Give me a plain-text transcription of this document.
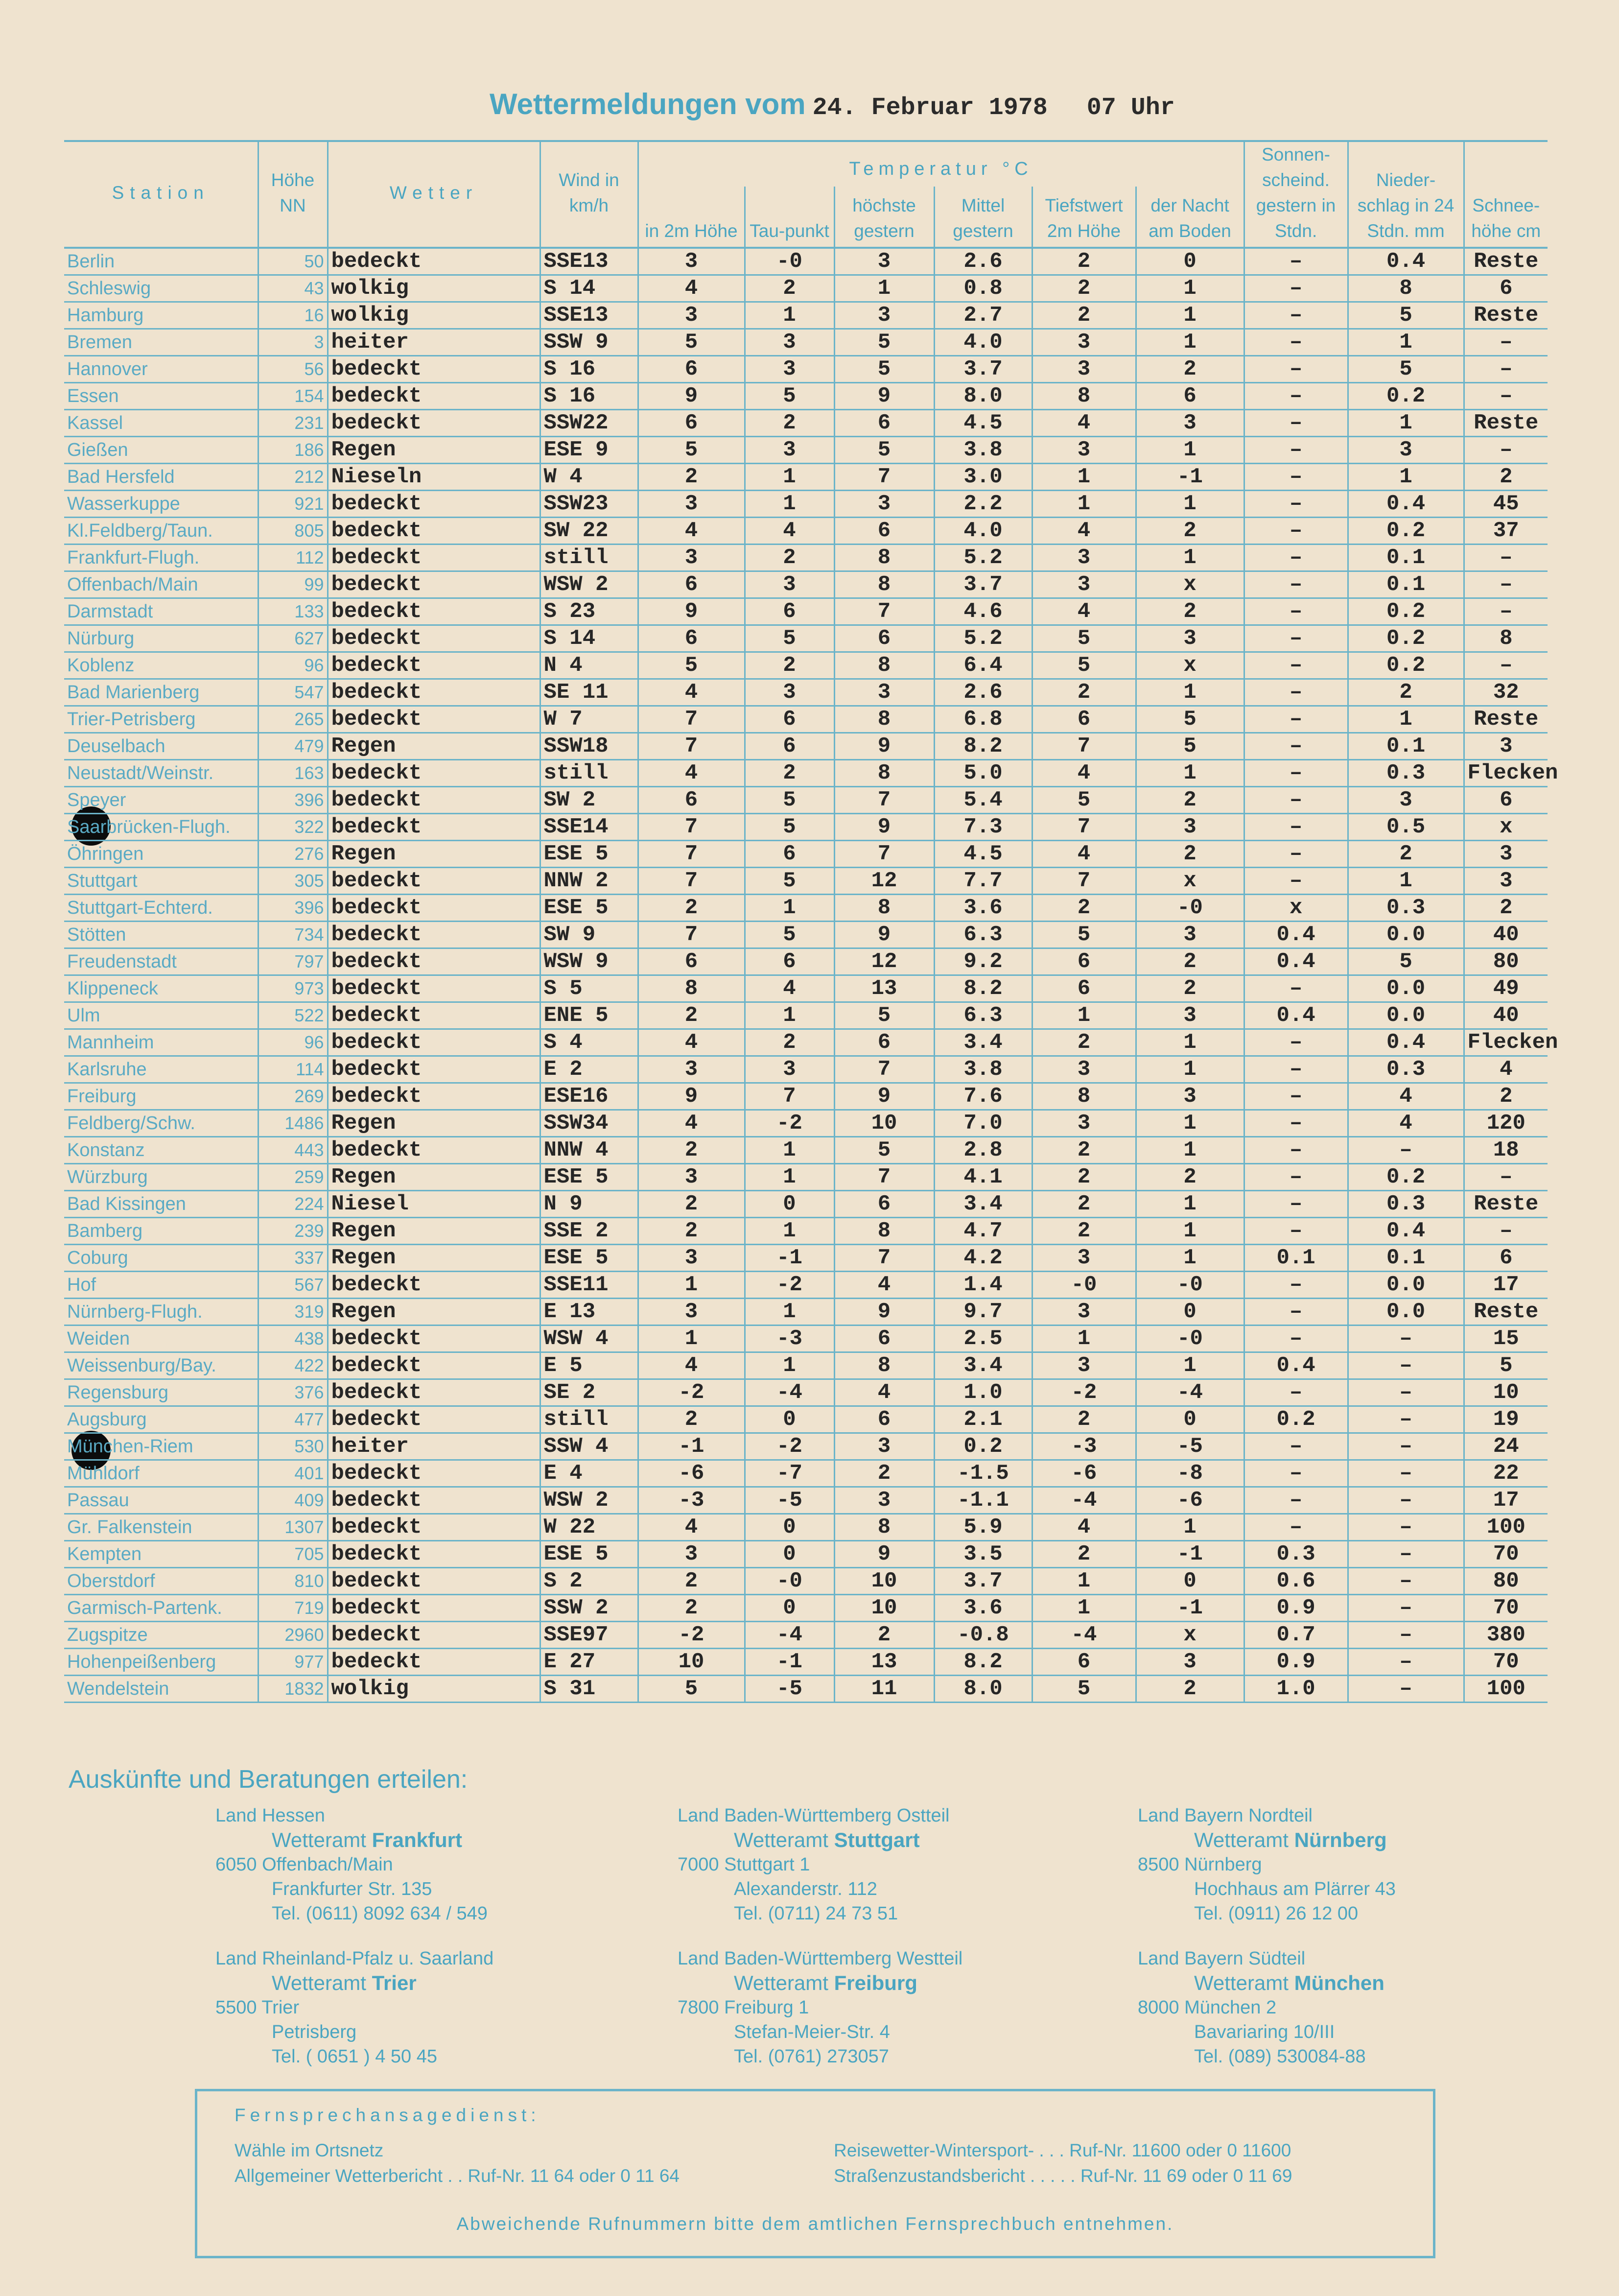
Wettermeldungen vom 24. Februar 1978 07 Uhr
Station	Höhe NN	Wetter	Wind in km/h	Temperatur °C						Sonnen-scheind. gestern in Stdn.	Nieder-schlag in 24 Stdn. mm	Schnee-höhe cm
				in 2m Höhe	Tau-punkt	höchste gestern	Mittel gestern	Tiefstwert 2m Höhe	der Nacht am Boden			
Berlin	50	bedeckt	SSE13	3	-0	3	2.6	2	0	–	0.4	Reste
Schleswig	43	wolkig	S 14	4	2	1	0.8	2	1	–	8	6
Hamburg	16	wolkig	SSE13	3	1	3	2.7	2	1	–	5	Reste
Bremen	3	heiter	SSW 9	5	3	5	4.0	3	1	–	1	–
Hannover	56	bedeckt	S 16	6	3	5	3.7	3	2	–	5	–
Essen	154	bedeckt	S 16	9	5	9	8.0	8	6	–	0.2	–
Kassel	231	bedeckt	SSW22	6	2	6	4.5	4	3	–	1	Reste
Gießen	186	Regen	ESE 9	5	3	5	3.8	3	1	–	3	–
Bad Hersfeld	212	Nieseln	W 4	2	1	7	3.0	1	-1	–	1	2
Wasserkuppe	921	bedeckt	SSW23	3	1	3	2.2	1	1	–	0.4	45
Kl.Feldberg/Taun.	805	bedeckt	SW 22	4	4	6	4.0	4	2	–	0.2	37
Frankfurt-Flugh.	112	bedeckt	still	3	2	8	5.2	3	1	–	0.1	–
Offenbach/Main	99	bedeckt	WSW 2	6	3	8	3.7	3	x	–	0.1	–
Darmstadt	133	bedeckt	S 23	9	6	7	4.6	4	2	–	0.2	–
Nürburg	627	bedeckt	S 14	6	5	6	5.2	5	3	–	0.2	8
Koblenz	96	bedeckt	N 4	5	2	8	6.4	5	x	–	0.2	–
Bad Marienberg	547	bedeckt	SE 11	4	3	3	2.6	2	1	–	2	32
Trier-Petrisberg	265	bedeckt	W 7	7	6	8	6.8	6	5	–	1	Reste
Deuselbach	479	Regen	SSW18	7	6	9	8.2	7	5	–	0.1	3
Neustadt/Weinstr.	163	bedeckt	still	4	2	8	5.0	4	1	–	0.3	Flecken
Speyer	396	bedeckt	SW 2	6	5	7	5.4	5	2	–	3	6
Saarbrücken-Flugh.	322	bedeckt	SSE14	7	5	9	7.3	7	3	–	0.5	x
Öhringen	276	Regen	ESE 5	7	6	7	4.5	4	2	–	2	3
Stuttgart	305	bedeckt	NNW 2	7	5	12	7.7	7	x	–	1	3
Stuttgart-Echterd.	396	bedeckt	ESE 5	2	1	8	3.6	2	-0	x	0.3	2
Stötten	734	bedeckt	SW 9	7	5	9	6.3	5	3	0.4	0.0	40
Freudenstadt	797	bedeckt	WSW 9	6	6	12	9.2	6	2	0.4	5	80
Klippeneck	973	bedeckt	S 5	8	4	13	8.2	6	2	–	0.0	49
Ulm	522	bedeckt	ENE 5	2	1	5	6.3	1	3	0.4	0.0	40
Mannheim	96	bedeckt	S 4	4	2	6	3.4	2	1	–	0.4	Flecken
Karlsruhe	114	bedeckt	E 2	3	3	7	3.8	3	1	–	0.3	4
Freiburg	269	bedeckt	ESE16	9	7	9	7.6	8	3	–	4	2
Feldberg/Schw.	1486	Regen	SSW34	4	-2	10	7.0	3	1	–	4	120
Konstanz	443	bedeckt	NNW 4	2	1	5	2.8	2	1	–	–	18
Würzburg	259	Regen	ESE 5	3	1	7	4.1	2	2	–	0.2	–
Bad Kissingen	224	Niesel	N 9	2	0	6	3.4	2	1	–	0.3	Reste
Bamberg	239	Regen	SSE 2	2	1	8	4.7	2	1	–	0.4	–
Coburg	337	Regen	ESE 5	3	-1	7	4.2	3	1	0.1	0.1	6
Hof	567	bedeckt	SSE11	1	-2	4	1.4	-0	-0	–	0.0	17
Nürnberg-Flugh.	319	Regen	E 13	3	1	9	9.7	3	0	–	0.0	Reste
Weiden	438	bedeckt	WSW 4	1	-3	6	2.5	1	-0	–	–	15
Weissenburg/Bay.	422	bedeckt	E 5	4	1	8	3.4	3	1	0.4	–	5
Regensburg	376	bedeckt	SE 2	-2	-4	4	1.0	-2	-4	–	–	10
Augsburg	477	bedeckt	still	2	0	6	2.1	2	0	0.2	–	19
München-Riem	530	heiter	SSW 4	-1	-2	3	0.2	-3	-5	–	–	24
Mühldorf	401	bedeckt	E 4	-6	-7	2	-1.5	-6	-8	–	–	22
Passau	409	bedeckt	WSW 2	-3	-5	3	-1.1	-4	-6	–	–	17
Gr. Falkenstein	1307	bedeckt	W 22	4	0	8	5.9	4	1	–	–	100
Kempten	705	bedeckt	ESE 5	3	0	9	3.5	2	-1	0.3	–	70
Oberstdorf	810	bedeckt	S 2	2	-0	10	3.7	1	0	0.6	–	80
Garmisch-Partenk.	719	bedeckt	SSW 2	2	0	10	3.6	1	-1	0.9	–	70
Zugspitze	2960	bedeckt	SSE97	-2	-4	2	-0.8	-4	x	0.7	–	380
Hohenpeißenberg	977	bedeckt	E 27	10	-1	13	8.2	6	3	0.9	–	70
Wendelstein	1832	wolkig	S 31	5	-5	11	8.0	5	2	1.0	–	100
Auskünfte und Beratungen erteilen:
Land Hessen
Wetteramt Frankfurt
6050 Offenbach/Main
Frankfurter Str. 135
Tel. (0611) 8092 634 / 549
Land Baden-Württemberg Ostteil
Wetteramt Stuttgart
7000 Stuttgart 1
Alexanderstr. 112
Tel. (0711) 24 73 51
Land Bayern Nordteil
Wetteramt Nürnberg
8500 Nürnberg
Hochhaus am Plärrer 43
Tel. (0911) 26 12 00
Land Rheinland-Pfalz u. Saarland
Wetteramt Trier
5500 Trier
Petrisberg
Tel. ( 0651 ) 4 50 45
Land Baden-Württemberg Westteil
Wetteramt Freiburg
7800 Freiburg 1
Stefan-Meier-Str. 4
Tel. (0761) 273057
Land Bayern Südteil
Wetteramt München
8000 München 2
Bavariaring 10/III
Tel. (089) 530084-88
Fernsprechansagedienst:
Wähle im Ortsnetz
Allgemeiner Wetterbericht . . Ruf-Nr. 11 64 oder 0 11 64
Reisewetter-Wintersport- . . . Ruf-Nr. 11600 oder 0 11600
Straßenzustandsbericht . . . . . Ruf-Nr. 11 69 oder 0 11 69
Abweichende Rufnummern bitte dem amtlichen Fernsprechbuch entnehmen.
